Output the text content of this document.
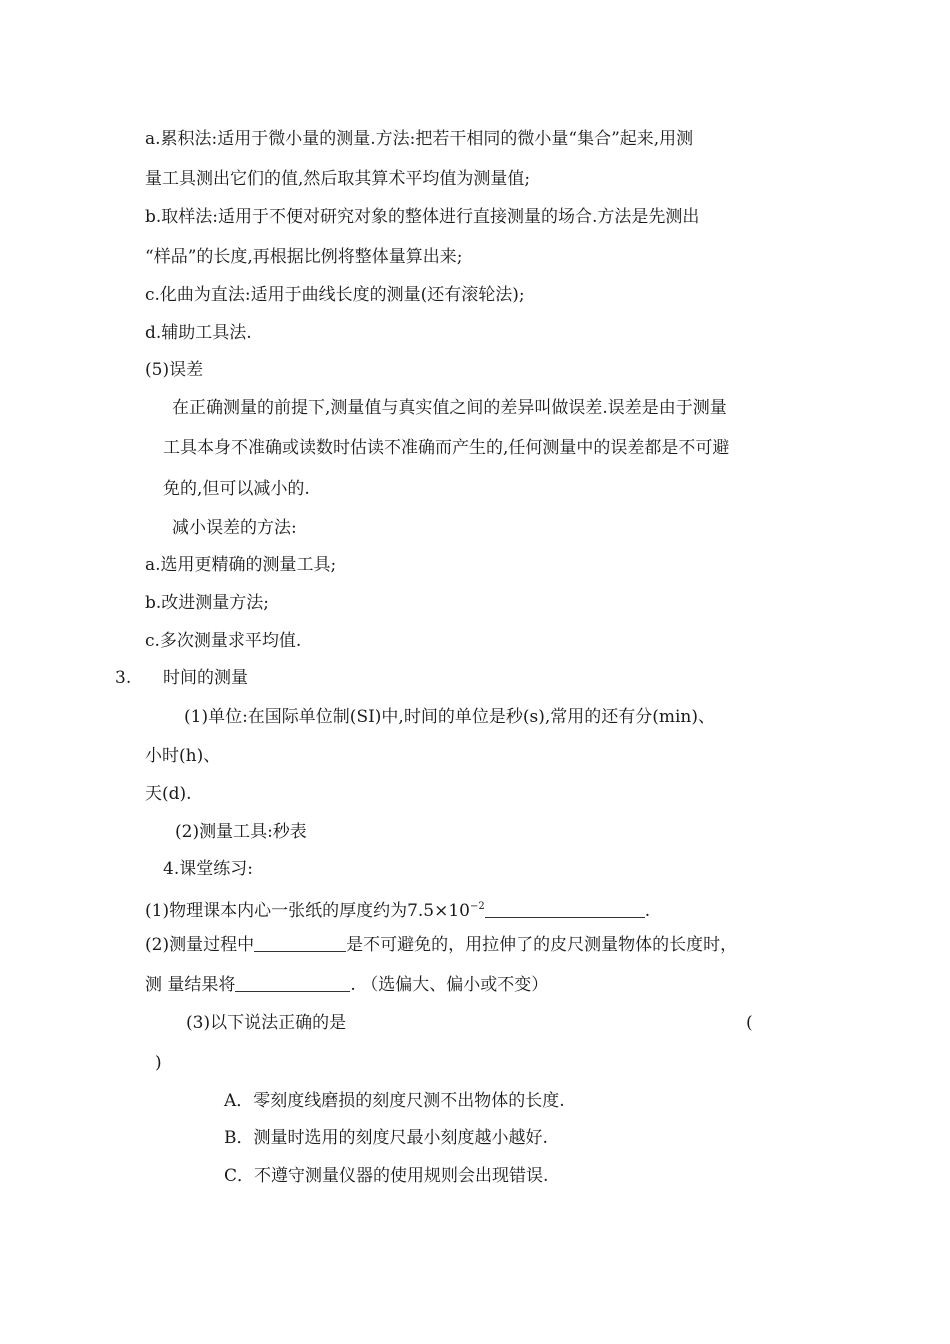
a.累积法:适用于微小量的测量.方法:把若干相同的微小量“集合”起来,用测
量工具测出它们的值,然后取其算术平均值为测量值;
b.取样法:适用于不便对研究对象的整体进行直接测量的场合.方法是先测出
“样品”的长度,再根据比例将整体量算出来;
c.化曲为直法:适用于曲线长度的测量(还有滚轮法);
d.辅助工具法.
(5)误差
在正确测量的前提下,测量值与真实值之间的差异叫做误差.误差是由于测量
工具本身不准确或读数时估读不准确而产生的,任何测量中的误差都是不可避
免的,但可以减小的.
减小误差的方法:
a.选用更精确的测量工具;
b.改进测量方法;
c.多次测量求平均值.
3. 时间的测量
(1)单位:在国际单位制(SI)中,时间的单位是秒(s),常用的还有分(min)、
小时(h)、
天(d).
(2)测量工具:秒表
4.课堂练习:
(1)物理课本内心一张纸的厚度约为$7.5\times 10^{-2}$	.
(2)测量过程中	是不可避免的，用拉伸了的皮尺测量物体的长度时，
测 量结果将	. （选偏大、偏小或不变）
(3)以下说法正确的是	(
)
A．零刻度线磨损的刻度尺测不出物体的长度.
B．测量时选用的刻度尺最小刻度越小越好.
C．不遵守测量仪器的使用规则会出现错误.
